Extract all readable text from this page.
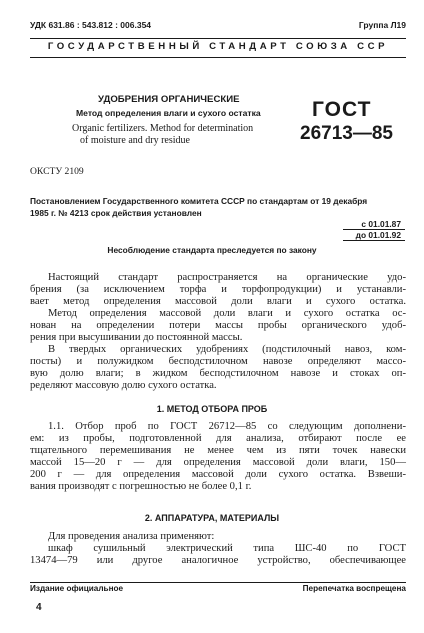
УДК 631.86 : 543.812 : 006.354	Группа Л19
ГОСУДАРСТВЕННЫЙ СТАНДАРТ СОЮЗА ССР
УДОБРЕНИЯ ОРГАНИЧЕСКИЕ
Метод определения влаги и сухого остатка
Organic fertilizers. Method for determination
of moisture and dry residue
ГОСТ
26713—85
ОКСТУ 2109
Постановлением Государственного комитета СССР по стандартам от 19 декабря
1985 г. № 4213 срок действия установлен
с 01.01.87
до 01.01.92
Несоблюдение стандарта преследуется по закону
Настоящий стандарт распространяется на органические удо-
брения (за исключением торфа и торфопродукции) и устанавли-
вает метод определения массовой доли влаги и сухого остатка.
Метод определения массовой доли влаги и сухого остатка ос-
нован на определении потери массы пробы органического удоб-
рения при высушивании до постоянной массы.
В твердых органических удобрениях (подстилочный навоз, ком-
посты) и полужидком бесподстилочном навозе определяют массо-
вую долю влаги; в жидком бесподстилочном навозе и стоках оп-
ределяют массовую долю сухого остатка.
1. МЕТОД ОТБОРА ПРОБ
1.1. Отбор проб по ГОСТ 26712—85 со следующим дополнени-
ем: из пробы, подготовленной для анализа, отбирают после ее
тщательного перемешивания не менее чем из пяти точек навески
массой 15—20 г — для определения массовой доли влаги, 150—
200 г — для определения массовой доли сухого остатка. Взвеши-
вания производят с погрешностью не более 0,1 г.
2. АППАРАТУРА, МАТЕРИАЛЫ
Для проведения анализа применяют:
шкаф сушильный электрический типа ШС-40 по ГОСТ
13474—79 или другое аналогичное устройство, обеспечивающее
Издание официальное	Перепечатка воспрещена
4
